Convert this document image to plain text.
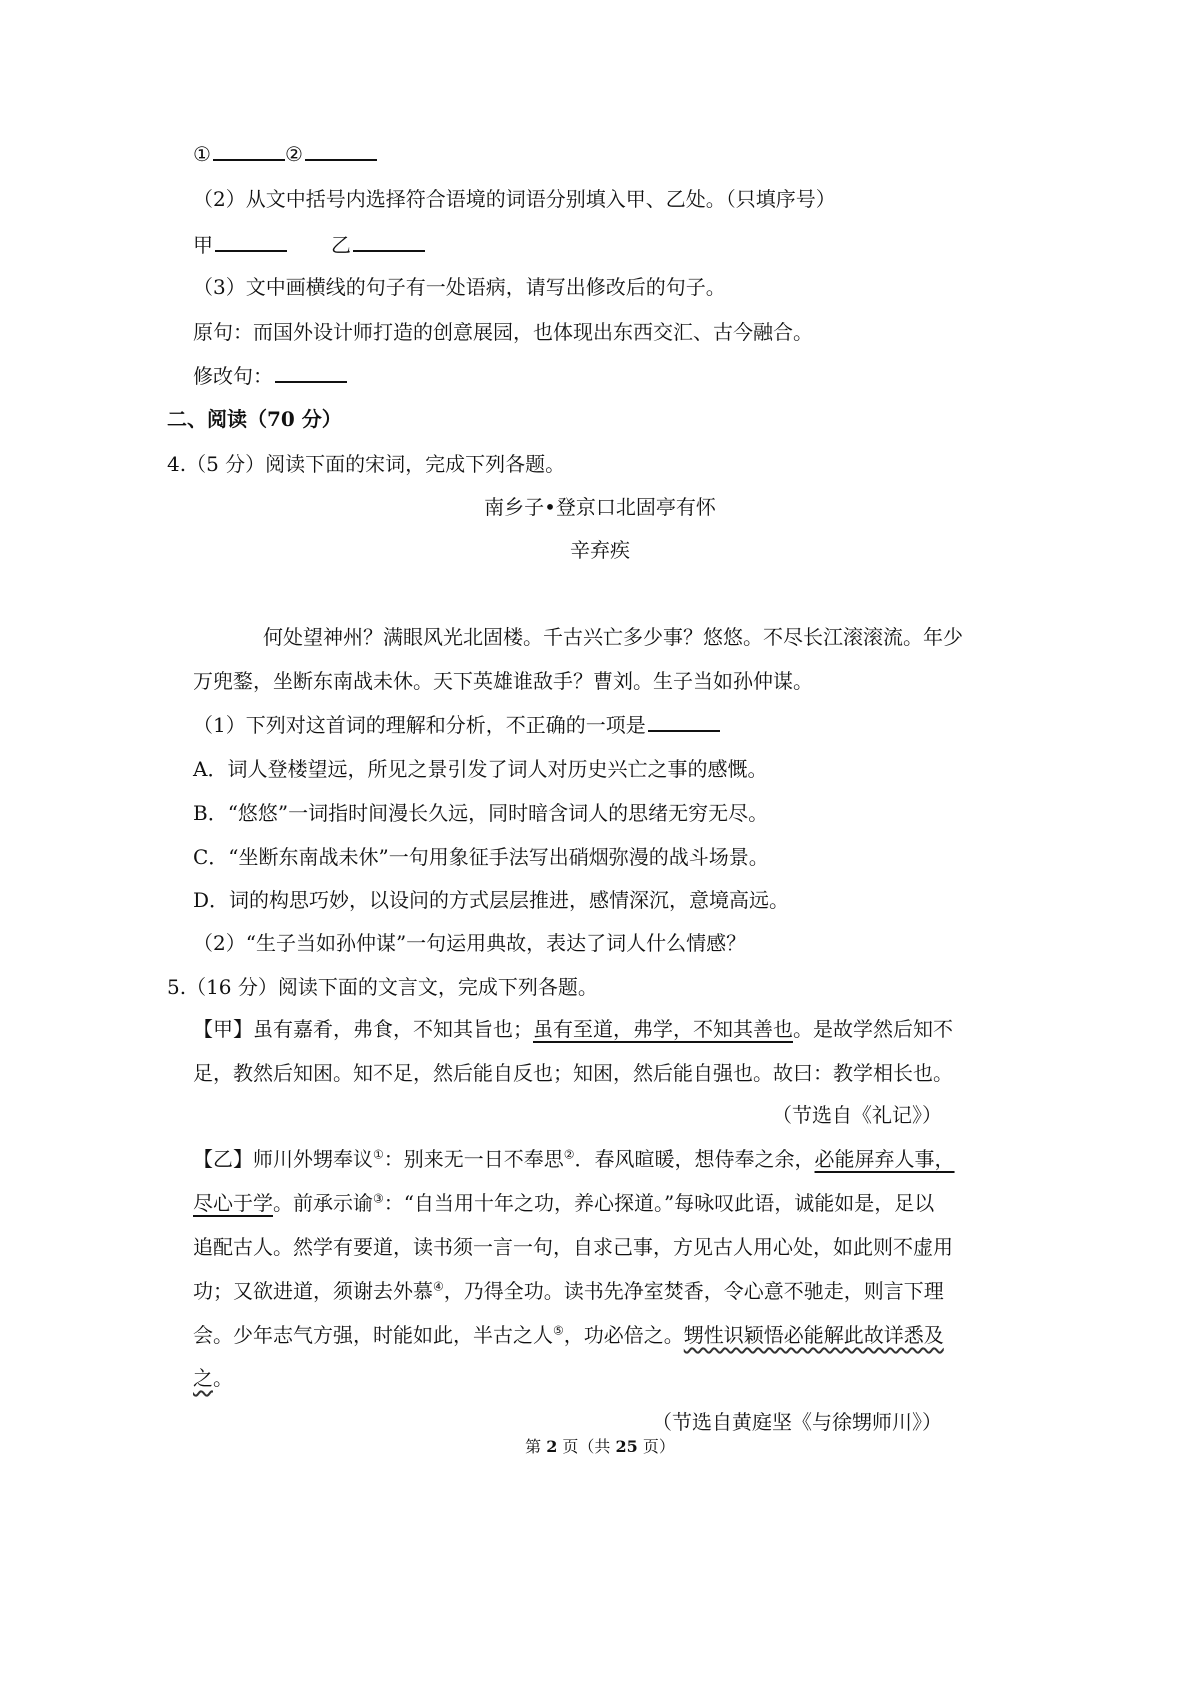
①	②
（2）从文中括号内选择符合语境的词语分别填入甲、乙处。（只填序号）
甲	乙
（3）文中画横线的句子有一处语病，请写出修改后的句子。
原句：而国外设计师打造的创意展园，也体现出东西交汇、古今融合。
修改句：
二、阅读（70 分）
4.（5 分）阅读下面的宋词，完成下列各题。
南乡子•登京口北固亭有怀
辛弃疾
何处望神州？满眼风光北固楼。千古兴亡多少事？悠悠。不尽长江滚滚流。年少
万兜鍪，坐断东南战未休。天下英雄谁敌手？曹刘。生子当如孙仲谋。
（1）下列对这首词的理解和分析，不正确的一项是
A．词人登楼望远，所见之景引发了词人对历史兴亡之事的感慨。
B．“悠悠”一词指时间漫长久远，同时暗含词人的思绪无穷无尽。
C．“坐断东南战未休”一句用象征手法写出硝烟弥漫的战斗场景。
D．词的构思巧妙，以设问的方式层层推进，感情深沉，意境高远。
（2）“生子当如孙仲谋”一句运用典故，表达了词人什么情感？
5.（16 分）阅读下面的文言文，完成下列各题。
【甲】虽有嘉肴，弗食，不知其旨也；虽有至道，弗学，不知其善也。是故学然后知不
足，教然后知困。知不足，然后能自反也；知困，然后能自强也。故曰：教学相长也。
（节选自《礼记》）
【乙】师川外甥奉议①：别来无一日不奉思②．春风暄暖，想侍奉之余，必能屏弃人事，
尽心于学。前承示谕③：“自当用十年之功，养心探道。”每咏叹此语，诚能如是，足以
追配古人。然学有要道，读书须一言一句，自求己事，方见古人用心处，如此则不虚用
功；又欲进道，须谢去外慕④，乃得全功。读书先净室焚香，令心意不驰走，则言下理
会。少年志气方强，时能如此，半古之人⑤，功必倍之。甥性识颖悟必能解此故详悉及
之。
（节选自黄庭坚《与徐甥师川》）
第 2 页（共 25 页）
